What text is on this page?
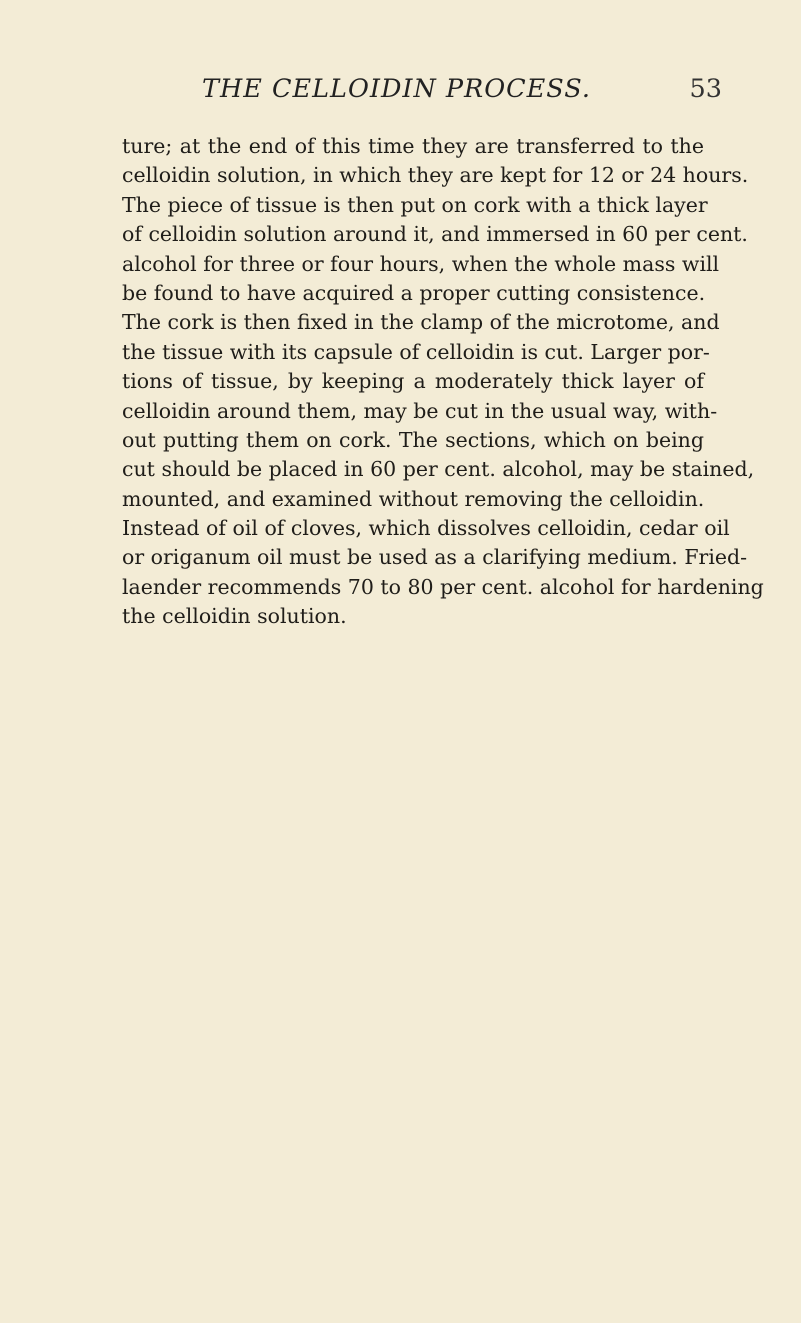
THE CELLOIDIN PROCESS.	53
ture; at the end of this time they are transferred to the
celloidin solution, in which they are kept for 12 or 24 hours.
The piece of tissue is then put on cork with a thick layer
of celloidin solution around it, and immersed in 60 per cent.
alcohol for three or four hours, when the whole mass will
be found to have acquired a proper cutting consistence.
The cork is then fixed in the clamp of the microtome, and
the tissue with its capsule of celloidin is cut. Larger por-
tions of tissue, by keeping a moderately thick layer of
celloidin around them, may be cut in the usual way, with-
out putting them on cork. The sections, which on being
cut should be placed in 60 per cent. alcohol, may be stained,
mounted, and examined without removing the celloidin.
Instead of oil of cloves, which dissolves celloidin, cedar oil
or origanum oil must be used as a clarifying medium. Fried-
laender recommends 70 to 80 per cent. alcohol for hardening
the celloidin solution.
